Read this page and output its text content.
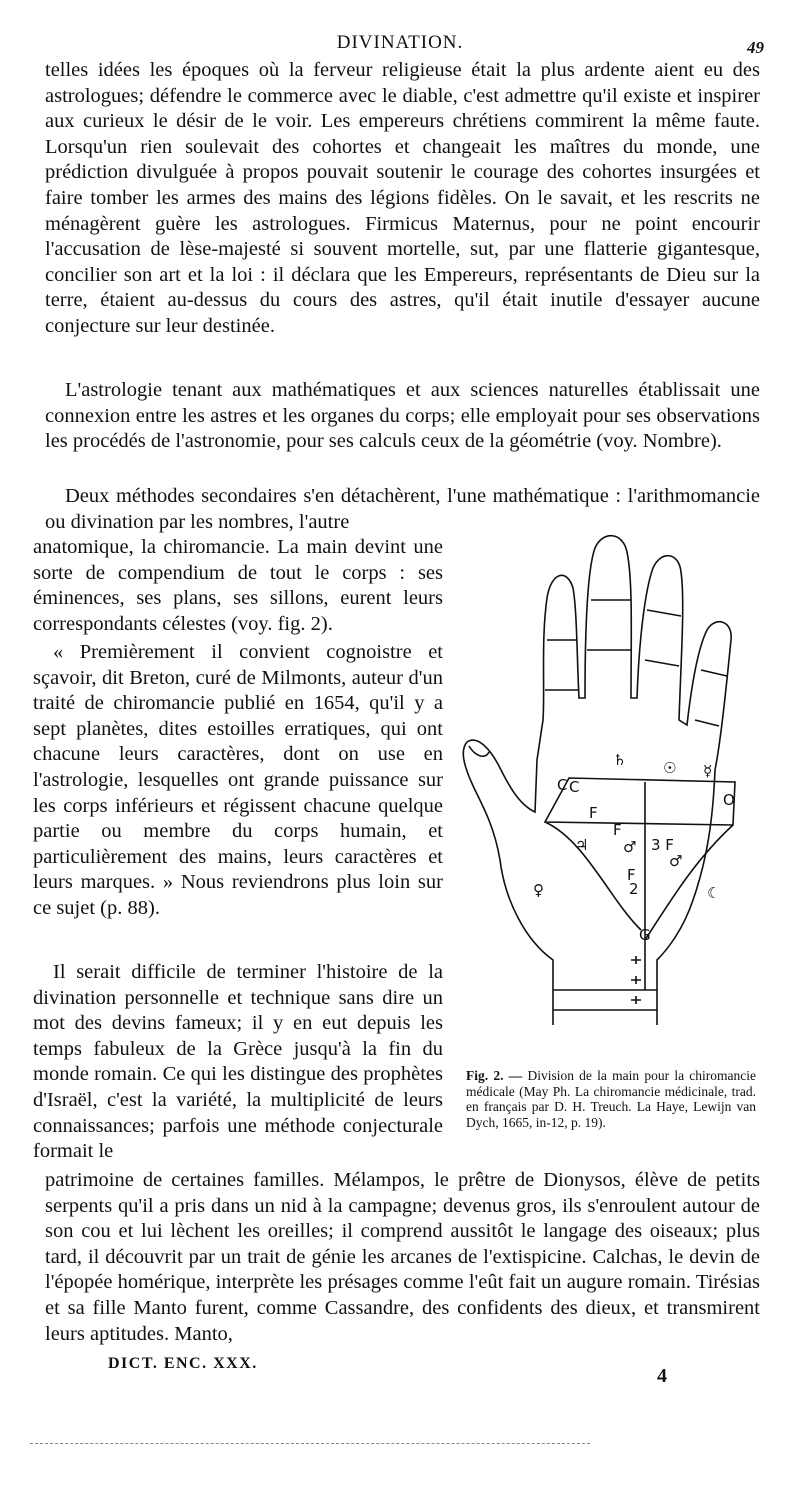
DIVINATION.	49

telles idées les époques où la ferveur religieuse était la plus ardente aient eu des astrologues; défendre le commerce avec le diable, c'est admettre qu'il existe et inspirer aux curieux le désir de le voir. Les empereurs chrétiens commirent la même faute. Lorsqu'un rien soulevait des cohortes et changeait les maîtres du monde, une prédiction divulguée à propos pouvait soutenir le courage des cohortes insurgées et faire tomber les armes des mains des légions fidèles. On le savait, et les rescrits ne ménagèrent guère les astrologues. Firmicus Maternus, pour ne point encourir l'accusation de lèse-majesté si souvent mortelle, sut, par une flatterie gigantesque, concilier son art et la loi : il déclara que les Empereurs, représentants de Dieu sur la terre, étaient au-dessus du cours des astres, qu'il était inutile d'essayer aucune conjecture sur leur destinée.

L'astrologie tenant aux mathématiques et aux sciences naturelles établissait une connexion entre les astres et les organes du corps; elle employait pour ses observations les procédés de l'astronomie, pour ses calculs ceux de la géométrie (voy. Nombre).

Deux méthodes secondaires s'en détachèrent, l'une mathématique : l'arithmomancie ou divination par les nombres, l'autre

anatomique, la chiromancie. La main devint une sorte de compendium de tout le corps : ses éminences, ses plans, ses sillons, eurent leurs correspondants célestes (voy. fig. 2).

« Premièrement il convient cognoistre et sçavoir, dit Breton, curé de Milmonts, auteur d'un traité de chiromancie publié en 1654, qu'il y a sept planètes, dites estoilles erratiques, qui ont chacune leurs caractères, dont on use en l'astrologie, lesquelles ont grande puissance sur les corps inférieurs et régissent chacune quelque partie ou membre du corps humain, et particulièrement des mains, leurs caractères et leurs marques. » Nous reviendrons plus loin sur ce sujet (p. 88).

Il serait difficile de terminer l'histoire de la divination personnelle et technique sans dire un mot des devins fameux; il y en eut depuis les temps fabuleux de la Grèce jusqu'à la fin du monde romain. Ce qui les distingue des prophètes d'Israël, c'est la variété, la multiplicité de leurs connaissances; parfois une méthode conjecturale formait le

patrimoine de certaines familles. Mélampos, le prêtre de Dionysos, élève de petits serpents qu'il a pris dans un nid à la campagne; devenus gros, ils s'enroulent autour de son cou et lui lèchent les oreilles; il comprend aussitôt le langage des oiseaux; plus tard, il découvrit par un trait de génie les arcanes de l'extispicine. Calchas, le devin de l'épopée homérique, interprète les présages comme l'eût fait un augure romain. Tirésias et sa fille Manto furent, comme Cassandre, des confidents des dieux, et transmirent leurs aptitudes. Manto,

♄ ☉ ☿
♃ ♂
♀	☾
♂
C C
F
F
3 F
F
2
O
G

Fig. 2. — Division de la main pour la chiromancie médicale (May Ph. La chiromancie médicinale, trad. en français par D. H. Treuch. La Haye, Lewijn van Dych, 1665, in-12, p. 19).

DICT. ENC. XXX.
4
